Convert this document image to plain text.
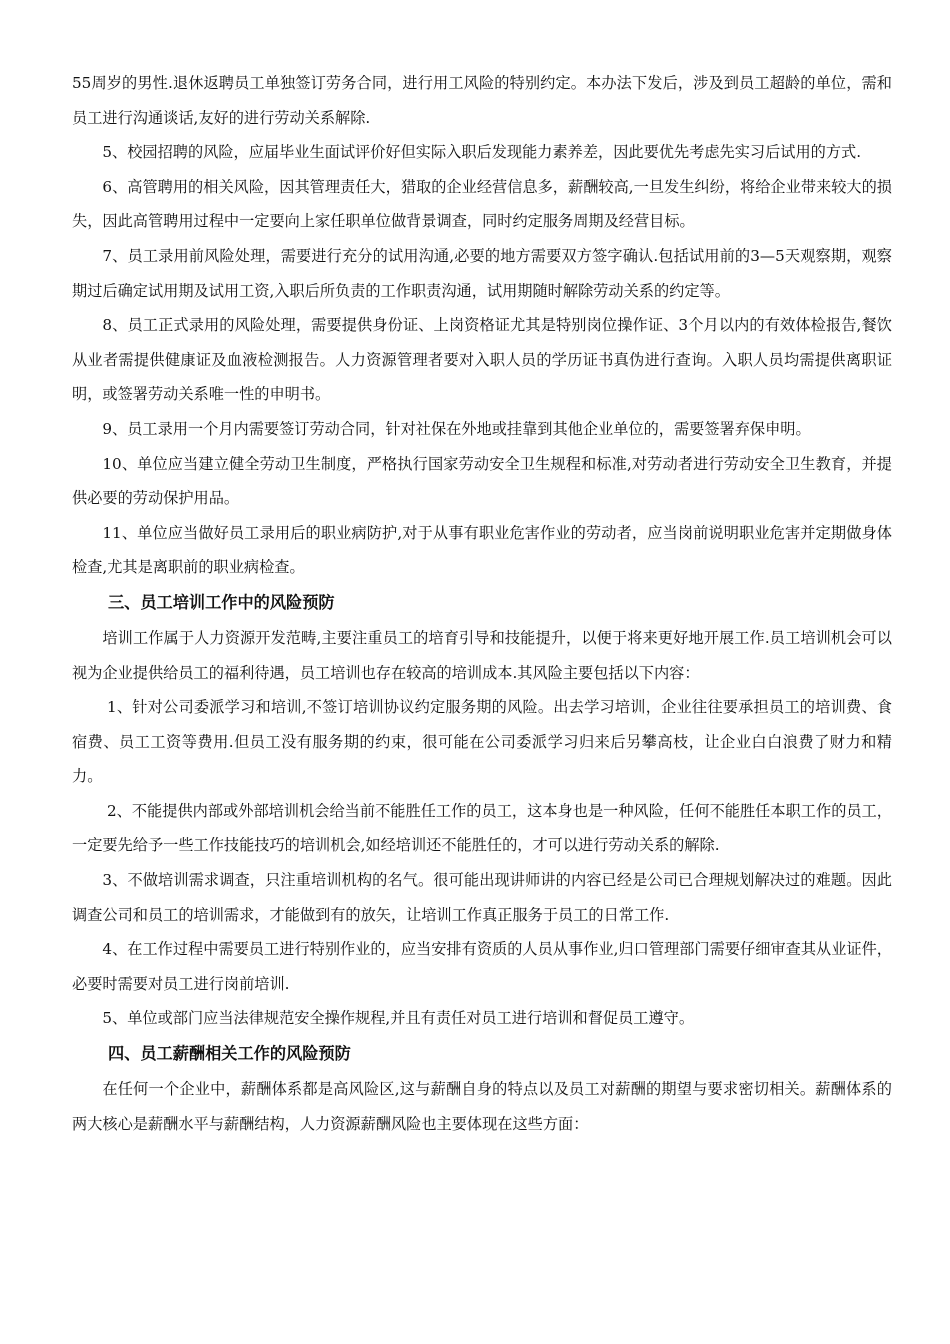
55周岁的男性.退休返聘员工单独签订劳务合同，进行用工风险的特别约定。本办法下发后，涉及到员工超龄的单位，需和员工进行沟通谈话,友好的进行劳动关系解除.

5、校园招聘的风险，应届毕业生面试评价好但实际入职后发现能力素养差，因此要优先考虑先实习后试用的方式.

6、高管聘用的相关风险，因其管理责任大，猎取的企业经营信息多，薪酬较高,一旦发生纠纷，将给企业带来较大的损失，因此高管聘用过程中一定要向上家任职单位做背景调查，同时约定服务周期及经营目标。

7、员工录用前风险处理，需要进行充分的试用沟通,必要的地方需要双方签字确认.包括试用前的3—5天观察期，观察期过后确定试用期及试用工资,入职后所负责的工作职责沟通，试用期随时解除劳动关系的约定等。

8、员工正式录用的风险处理，需要提供身份证、上岗资格证尤其是特别岗位操作证、3个月以内的有效体检报告,餐饮从业者需提供健康证及血液检测报告。人力资源管理者要对入职人员的学历证书真伪进行查询。入职人员均需提供离职证明，或签署劳动关系唯一性的申明书。

9、员工录用一个月内需要签订劳动合同，针对社保在外地或挂靠到其他企业单位的，需要签署弃保申明。

10、单位应当建立健全劳动卫生制度，严格执行国家劳动安全卫生规程和标准,对劳动者进行劳动安全卫生教育，并提供必要的劳动保护用品。

11、单位应当做好员工录用后的职业病防护,对于从事有职业危害作业的劳动者，应当岗前说明职业危害并定期做身体检查,尤其是离职前的职业病检查。

三、员工培训工作中的风险预防

培训工作属于人力资源开发范畴,主要注重员工的培育引导和技能提升，以便于将来更好地开展工作.员工培训机会可以视为企业提供给员工的福利待遇，员工培训也存在较高的培训成本.其风险主要包括以下内容：

1、针对公司委派学习和培训,不签订培训协议约定服务期的风险。出去学习培训，企业往往要承担员工的培训费、食宿费、员工工资等费用.但员工没有服务期的约束，很可能在公司委派学习归来后另攀高枝，让企业白白浪费了财力和精力。

2、不能提供内部或外部培训机会给当前不能胜任工作的员工，这本身也是一种风险，任何不能胜任本职工作的员工，一定要先给予一些工作技能技巧的培训机会,如经培训还不能胜任的，才可以进行劳动关系的解除.

3、不做培训需求调查，只注重培训机构的名气。很可能出现讲师讲的内容已经是公司已合理规划解决过的难题。因此调查公司和员工的培训需求，才能做到有的放矢，让培训工作真正服务于员工的日常工作.

4、在工作过程中需要员工进行特别作业的，应当安排有资质的人员从事作业,归口管理部门需要仔细审查其从业证件，必要时需要对员工进行岗前培训.

5、单位或部门应当法律规范安全操作规程,并且有责任对员工进行培训和督促员工遵守。

四、员工薪酬相关工作的风险预防

在任何一个企业中，薪酬体系都是高风险区,这与薪酬自身的特点以及员工对薪酬的期望与要求密切相关。薪酬体系的两大核心是薪酬水平与薪酬结构，人力资源薪酬风险也主要体现在这些方面：
